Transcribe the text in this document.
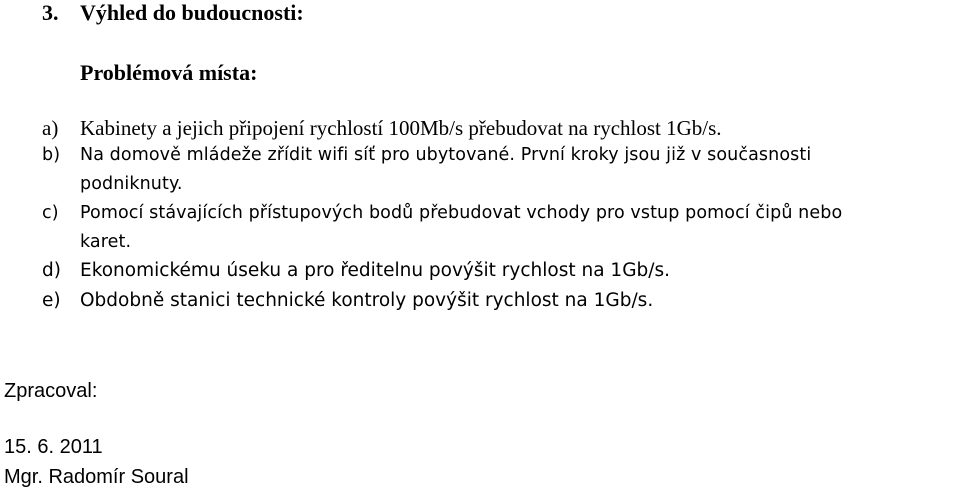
3. Výhled do budoucnosti:
Problémová místa:
a) Kabinety a jejich připojení rychlostí 100Mb/s přebudovat na rychlost 1Gb/s.
b) Na domově mládeže zřídit wifi síť pro ubytované. První kroky jsou již v současnosti
podniknuty.
c) Pomocí stávajících přístupových bodů přebudovat vchody pro vstup pomocí čipů nebo
karet.
d) Ekonomickému úseku a pro ředitelnu povýšit rychlost na 1Gb/s.
e) Obdobně stanici technické kontroly povýšit rychlost na 1Gb/s.
Zpracoval:
15. 6. 2011
Mgr. Radomír Soural
